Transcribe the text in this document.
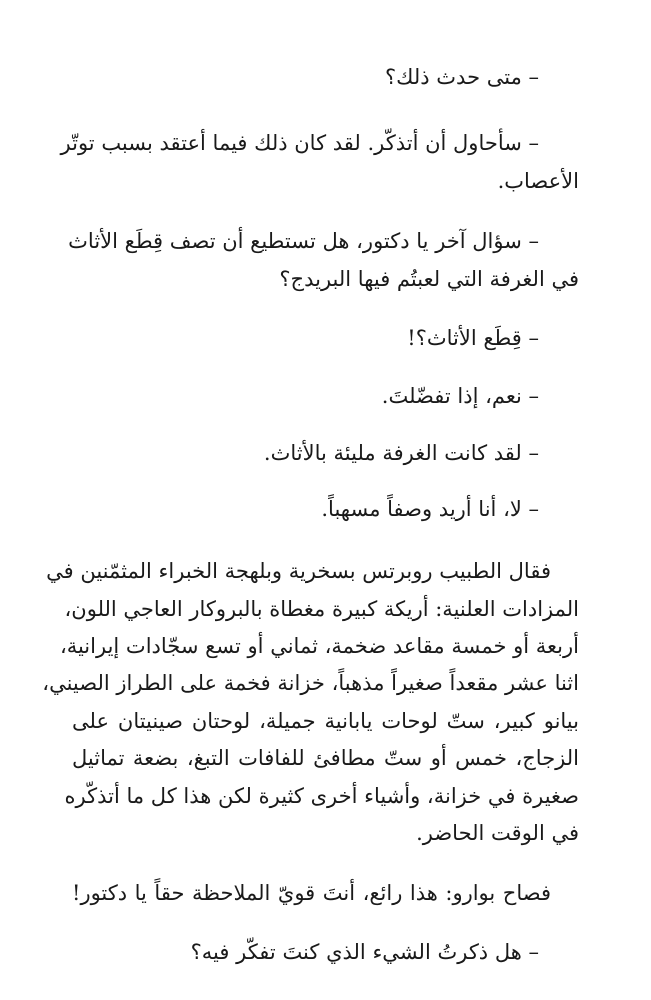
– متى حدث ذلك؟
– سأحاول أن أتذكّر. لقد كان ذلك فيما أعتقد بسبب توتّر
الأعصاب.
– سؤال آخر يا دكتور، هل تستطيع أن تصف قِطَع الأثاث
في الغرفة التي لعبتُم فيها البريدج؟
– قِطَع الأثاث؟!
– نعم، إذا تفضّلتَ.
– لقد كانت الغرفة مليئة بالأثاث.
– لا، أنا أريد وصفاً مسهباً.
فقال الطبيب روبرتس بسخرية وبلهجة الخبراء المثمّنين في
المزادات العلنية: أريكة كبيرة مغطاة بالبروكار العاجي اللون،
أربعة أو خمسة مقاعد ضخمة، ثماني أو تسع سجّادات إيرانية،
اثنا عشر مقعداً صغيراً مذهباً، خزانة فخمة على الطراز الصيني،
بيانو كبير، ستّ لوحات يابانية جميلة، لوحتان صينيتان على
الزجاج، خمس أو ستّ مطافئ للفافات التبغ، بضعة تماثيل
صغيرة في خزانة، وأشياء أخرى كثيرة لكن هذا كل ما أتذكّره
في الوقت الحاضر.
فصاح بوارو: هذا رائع، أنتَ قويّ الملاحظة حقاً يا دكتور!
– هل ذكرتُ الشيء الذي كنتَ تفكّر فيه؟
